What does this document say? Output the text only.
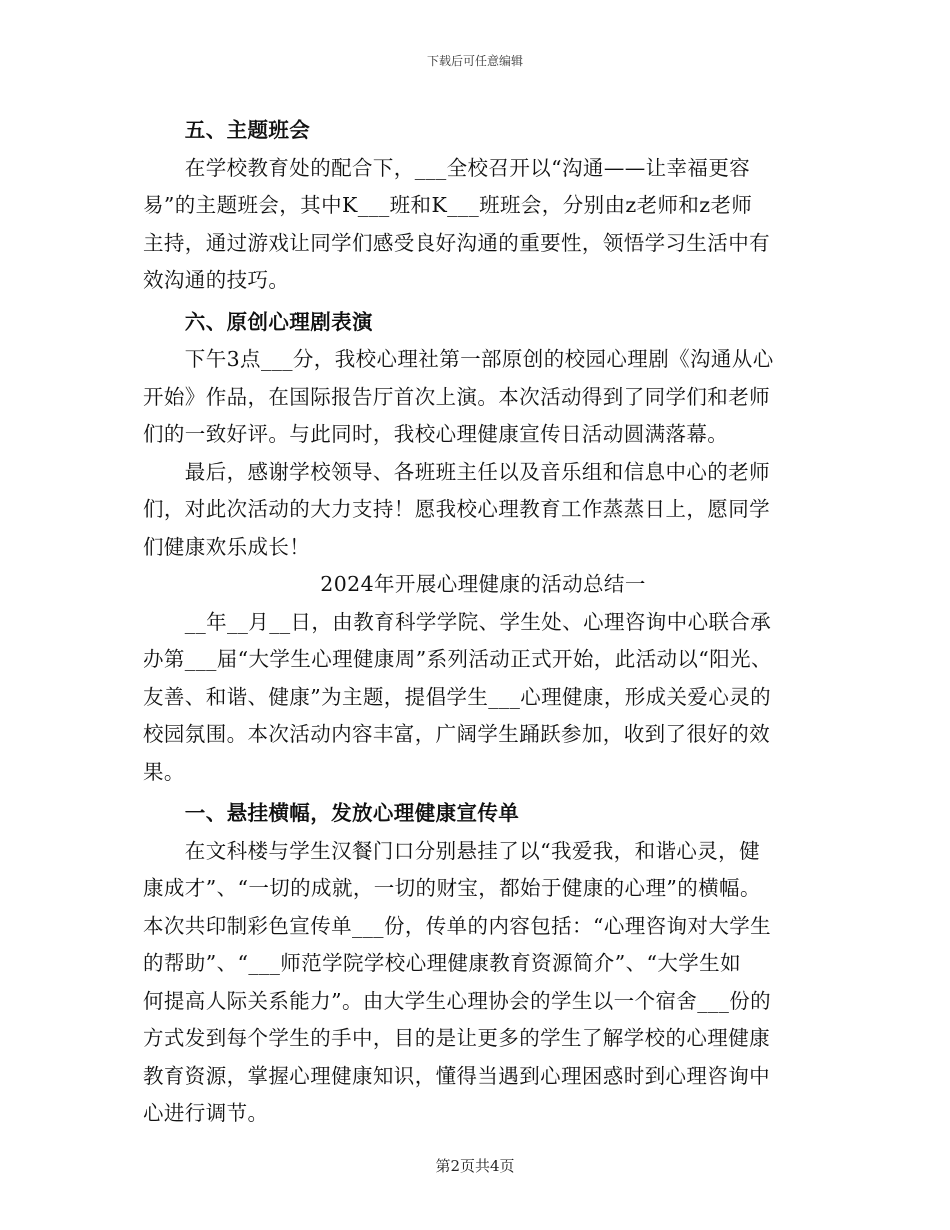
下载后可任意编辑
　　五、主题班会
　　在学校教育处的配合下，___全校召开以“沟通——让幸福更容
易”的主题班会，其中K___班和K___班班会，分别由z老师和z老师
主持，通过游戏让同学们感受良好沟通的重要性，领悟学习生活中有
效沟通的技巧。
　　六、原创心理剧表演
　　下午3点___分，我校心理社第一部原创的校园心理剧《沟通从心
开始》作品，在国际报告厅首次上演。本次活动得到了同学们和老师
们的一致好评。与此同时，我校心理健康宣传日活动圆满落幕。
　　最后，感谢学校领导、各班班主任以及音乐组和信息中心的老师
们，对此次活动的大力支持！愿我校心理教育工作蒸蒸日上，愿同学
们健康欢乐成长！
2024年开展心理健康的活动总结一
　　__年__月__日，由教育科学学院、学生处、心理咨询中心联合承
办第___届“大学生心理健康周”系列活动正式开始，此活动以“阳光、
友善、和谐、健康”为主题，提倡学生___心理健康，形成关爱心灵的
校园氛围。本次活动内容丰富，广阔学生踊跃参加，收到了很好的效
果。
　　一、悬挂横幅，发放心理健康宣传单
　　在文科楼与学生汉餐门口分别悬挂了以“我爱我，和谐心灵，健
康成才”、“一切的成就，一切的财宝，都始于健康的心理”的横幅。
本次共印制彩色宣传单___份，传单的内容包括：“心理咨询对大学生
的帮助”、“___师范学院学校心理健康教育资源简介”、“大学生如
何提高人际关系能力”。由大学生心理协会的学生以一个宿舍___份的
方式发到每个学生的手中，目的是让更多的学生了解学校的心理健康
教育资源，掌握心理健康知识，懂得当遇到心理困惑时到心理咨询中
心进行调节。
第2页共4页
